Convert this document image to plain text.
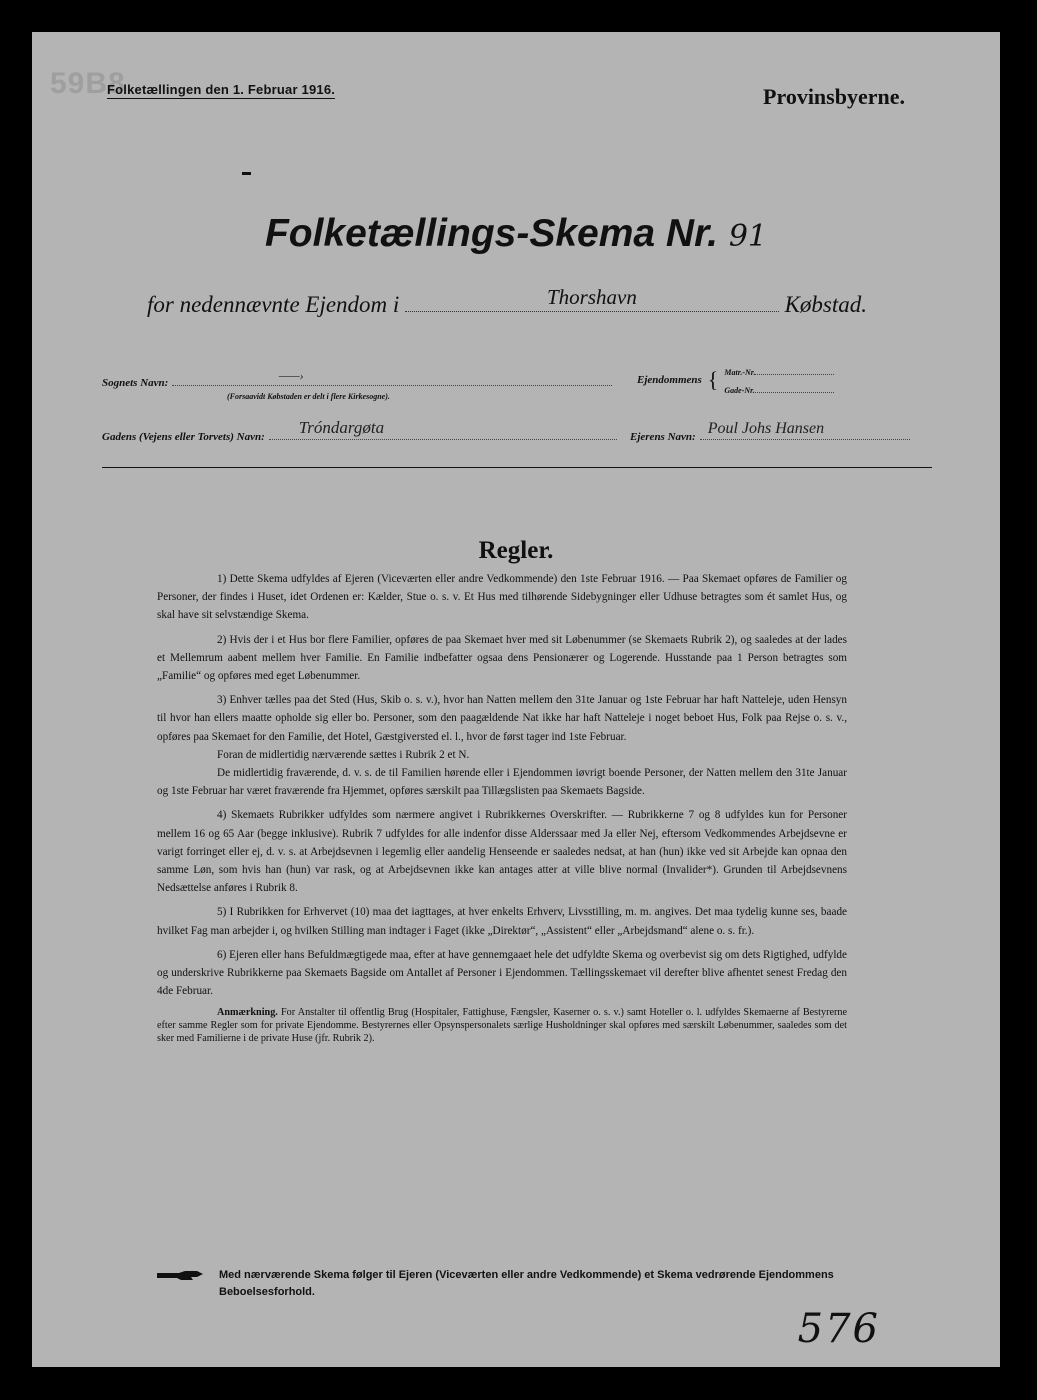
59B8
Folketællingen den 1. Februar 1916.	Provinsbyerne.
Folketællings-Skema Nr. 91
for nedennævnte Ejendom i	Thorshavn	Købstad.
Sognets Navn:	⸺›
(Forsaavidt Købstaden er delt i flere Kirkesogne).
Ejendommens { Matr.-Nr.
Gade-Nr.
Gadens (Vejens eller Torvets) Navn: Tróndargøta	Ejerens Navn: Poul Johs Hansen
Regler.

1) Dette Skema udfyldes af Ejeren (Viceværten eller andre Vedkommende) den 1ste Februar 1916. — Paa Skemaet opføres de Familier og Personer, der findes i Huset, idet Ordenen er: Kælder, Stue o. s. v. Et Hus med tilhørende Sidebygninger eller Udhuse betragtes som ét samlet Hus, og skal have sit selvstændige Skema.

2) Hvis der i et Hus bor flere Familier, opføres de paa Skemaet hver med sit Løbenummer (se Skemaets Rubrik 2), og saaledes at der lades et Mellemrum aabent mellem hver Familie. En Familie indbefatter ogsaa dens Pensionærer og Logerende. Husstande paa 1 Person betragtes som „Familie“ og opføres med eget Løbenummer.

3) Enhver tælles paa det Sted (Hus, Skib o. s. v.), hvor han Natten mellem den 31te Januar og 1ste Februar har haft Natteleje, uden Hensyn til hvor han ellers maatte opholde sig eller bo. Personer, som den paagældende Nat ikke har haft Natteleje i noget beboet Hus, Folk paa Rejse o. s. v., opføres paa Skemaet for den Familie, det Hotel, Gæstgiversted el. l., hvor de først tager ind 1ste Februar.

Foran de midlertidig nærværende sættes i Rubrik 2 et N.

De midlertidig fraværende, d. v. s. de til Familien hørende eller i Ejendommen iøvrigt boende Personer, der Natten mellem den 31te Januar og 1ste Februar har været fraværende fra Hjemmet, opføres særskilt paa Tillægslisten paa Skemaets Bagside.

4) Skemaets Rubrikker udfyldes som nærmere angivet i Rubrikkernes Overskrifter. — Rubrikkerne 7 og 8 udfyldes kun for Personer mellem 16 og 65 Aar (begge inklusive). Rubrik 7 udfyldes for alle indenfor disse Alderssaar med Ja eller Nej, eftersom Vedkommendes Arbejdsevne er varigt forringet eller ej, d. v. s. at Arbejdsevnen i legemlig eller aandelig Henseende er saaledes nedsat, at han (hun) ikke ved sit Arbejde kan opnaa den samme Løn, som hvis han (hun) var rask, og at Arbejdsevnen ikke kan antages atter at ville blive normal (Invalider*). Grunden til Arbejdsevnens Nedsættelse anføres i Rubrik 8.

5) I Rubrikken for Erhvervet (10) maa det iagttages, at hver enkelts Erhverv, Livsstilling, m. m. angives. Det maa tydelig kunne ses, baade hvilket Fag man arbejder i, og hvilken Stilling man indtager i Faget (ikke „Direktør“, „Assistent“ eller „Arbejdsmand“ alene o. s. fr.).

6) Ejeren eller hans Befuldmægtigede maa, efter at have gennemgaaet hele det udfyldte Skema og overbevist sig om dets Rigtighed, udfylde og underskrive Rubrikkerne paa Skemaets Bagside om Antallet af Personer i Ejendommen. Tællingsskemaet vil derefter blive afhentet senest Fredag den 4de Februar.

Anmærkning. For Anstalter til offentlig Brug (Hospitaler, Fattighuse, Fængsler, Kaserner o. s. v.) samt Hoteller o. l. udfyldes Skemaerne af Bestyrerne efter samme Regler som for private Ejendomme. Bestyrernes eller Opsynspersonalets særlige Husholdninger skal opføres med særskilt Løbenummer, saaledes som det sker med Familierne i de private Huse (jfr. Rubrik 2).

Med nærværende Skema følger til Ejeren (Viceværten eller andre Vedkommende) et Skema vedrørende Ejendommens Beboelsesforhold.
576
